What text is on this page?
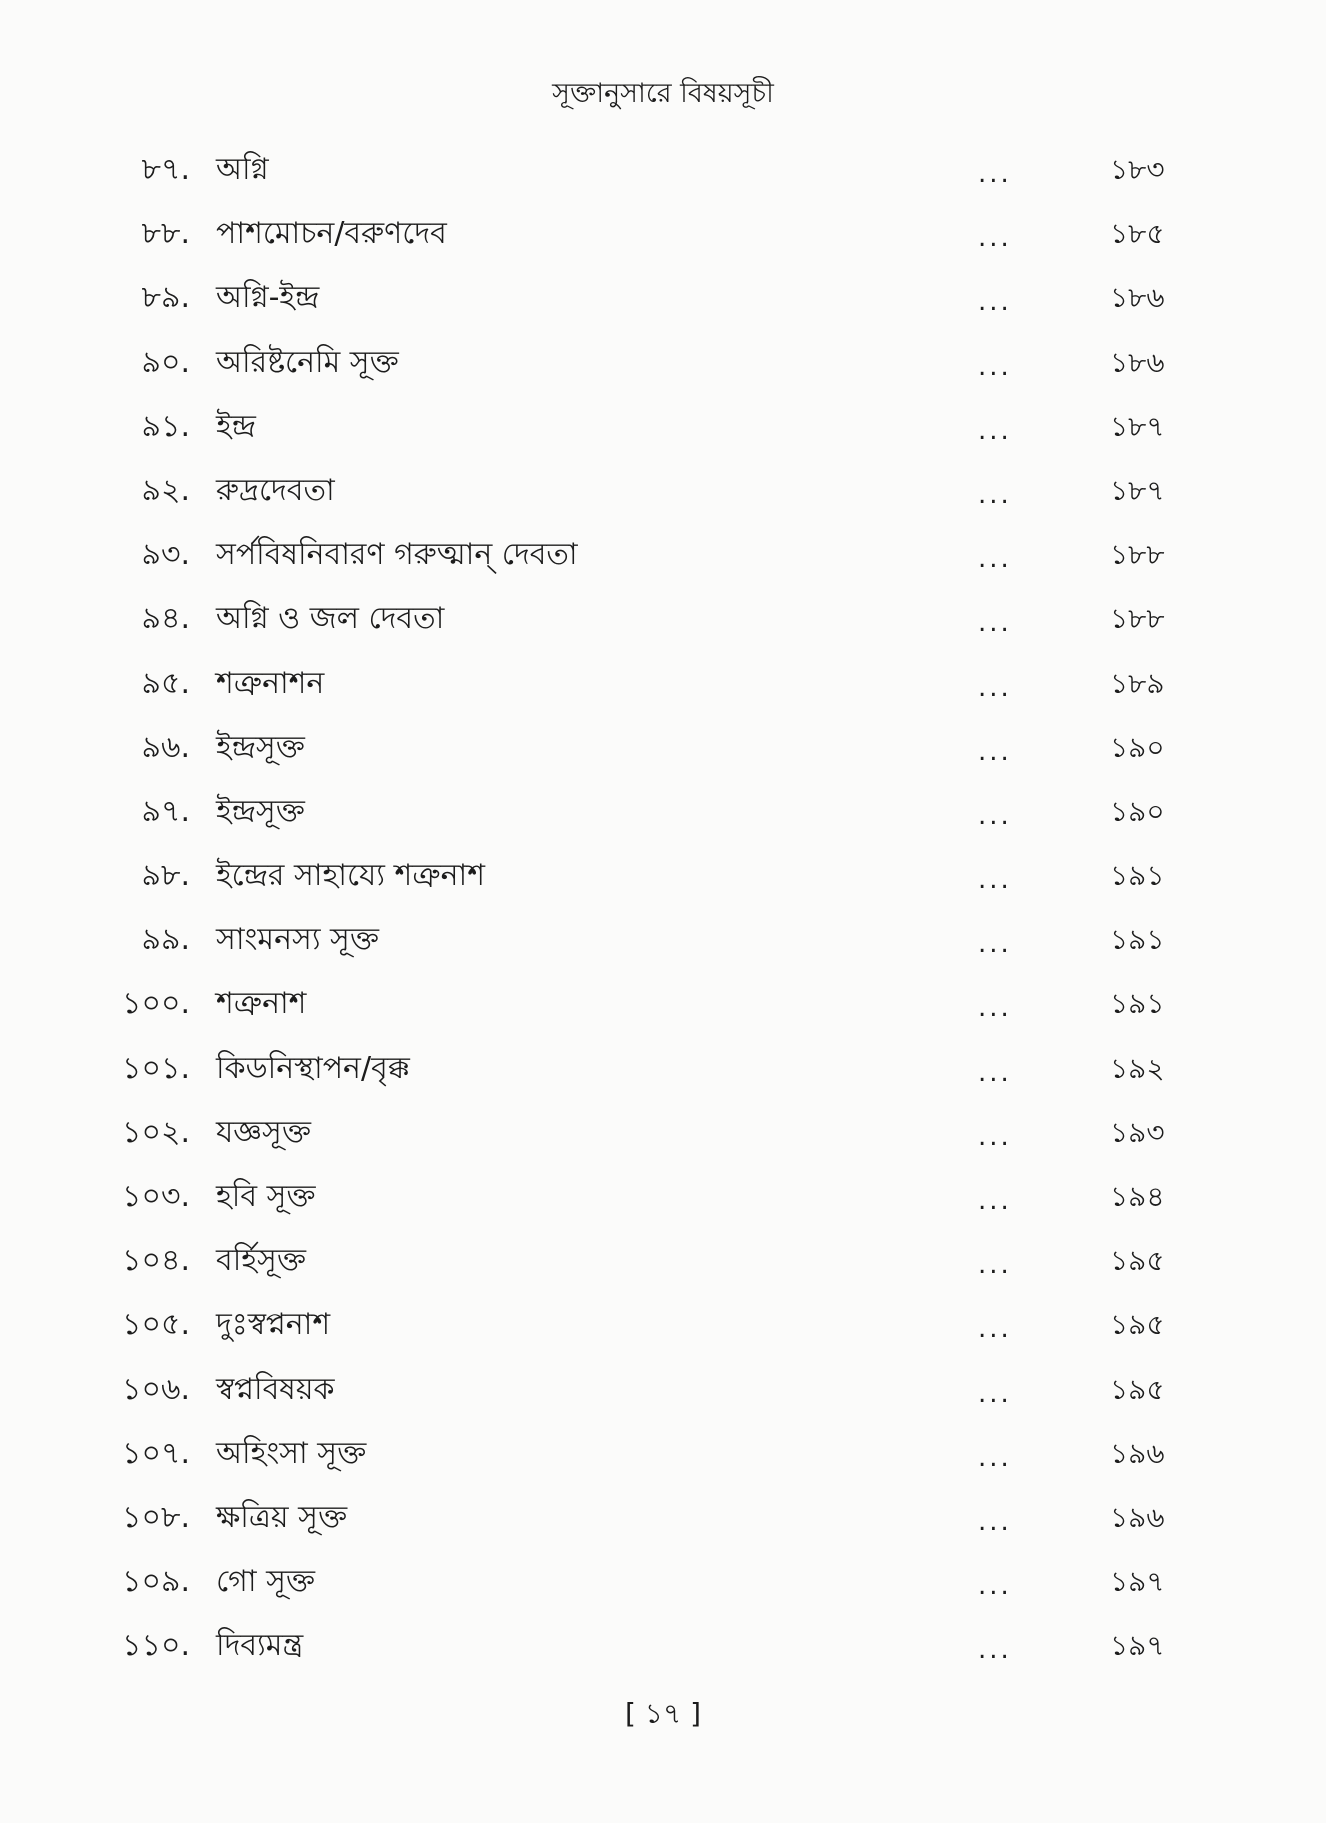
সূক্তানুসারে বিষয়সূচী
৮৭. অগ্নি	...	১৮৩
৮৮. পাশমোচন/বরুণদেব	...	১৮৫
৮৯. অগ্নি-ইন্দ্র	...	১৮৬
৯০. অরিষ্টনেমি সূক্ত	...	১৮৬
৯১. ইন্দ্র	...	১৮৭
৯২. রুদ্রদেবতা	...	১৮৭
৯৩. সর্পবিষনিবারণ গরুত্মান্‌ দেবতা	...	১৮৮
৯৪. অগ্নি ও জল দেবতা	...	১৮৮
৯৫. শত্রুনাশন	...	১৮৯
৯৬. ইন্দ্রসূক্ত	...	১৯০
৯৭. ইন্দ্রসূক্ত	...	১৯০
৯৮. ইন্দ্রের সাহায্যে শত্রুনাশ	...	১৯১
৯৯. সাংমনস্য সূক্ত	...	১৯১
১০০. শত্রুনাশ	...	১৯১
১০১. কিডনিস্থাপন/বৃক্ক	...	১৯২
১০২. যজ্ঞসূক্ত	...	১৯৩
১০৩. হবি সূক্ত	...	১৯৪
১০৪. বর্হিসূক্ত	...	১৯৫
১০৫. দুঃস্বপ্ননাশ	...	১৯৫
১০৬. স্বপ্নবিষয়ক	...	১৯৫
১০৭. অহিংসা সূক্ত	...	১৯৬
১০৮. ক্ষত্রিয় সূক্ত	...	১৯৬
১০৯. গো সূক্ত	...	১৯৭
১১০. দিব্যমন্ত্র	...	১৯৭
[ ১৭ ]
